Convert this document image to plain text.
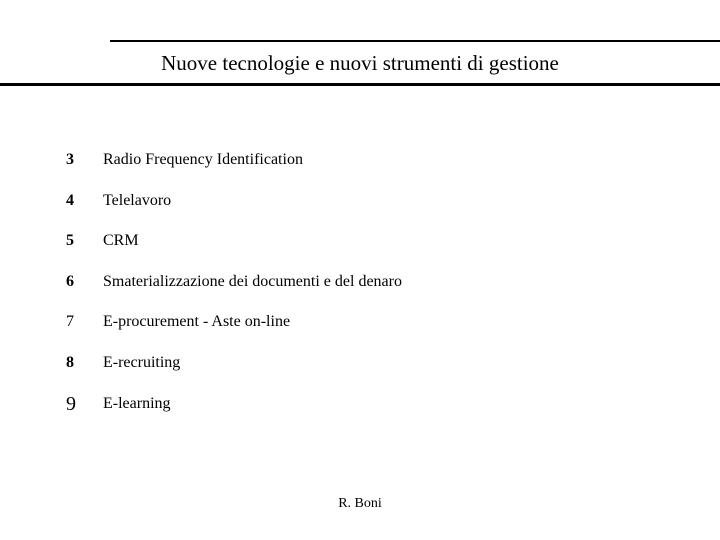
Nuove tecnologie e nuovi strumenti di gestione
3 Radio Frequency Identification
4 Telelavoro
5 CRM
6 Smaterializzazione dei documenti e del denaro
7 E-procurement - Aste on-line
8 E-recruiting
9 E-learning
R. Boni
